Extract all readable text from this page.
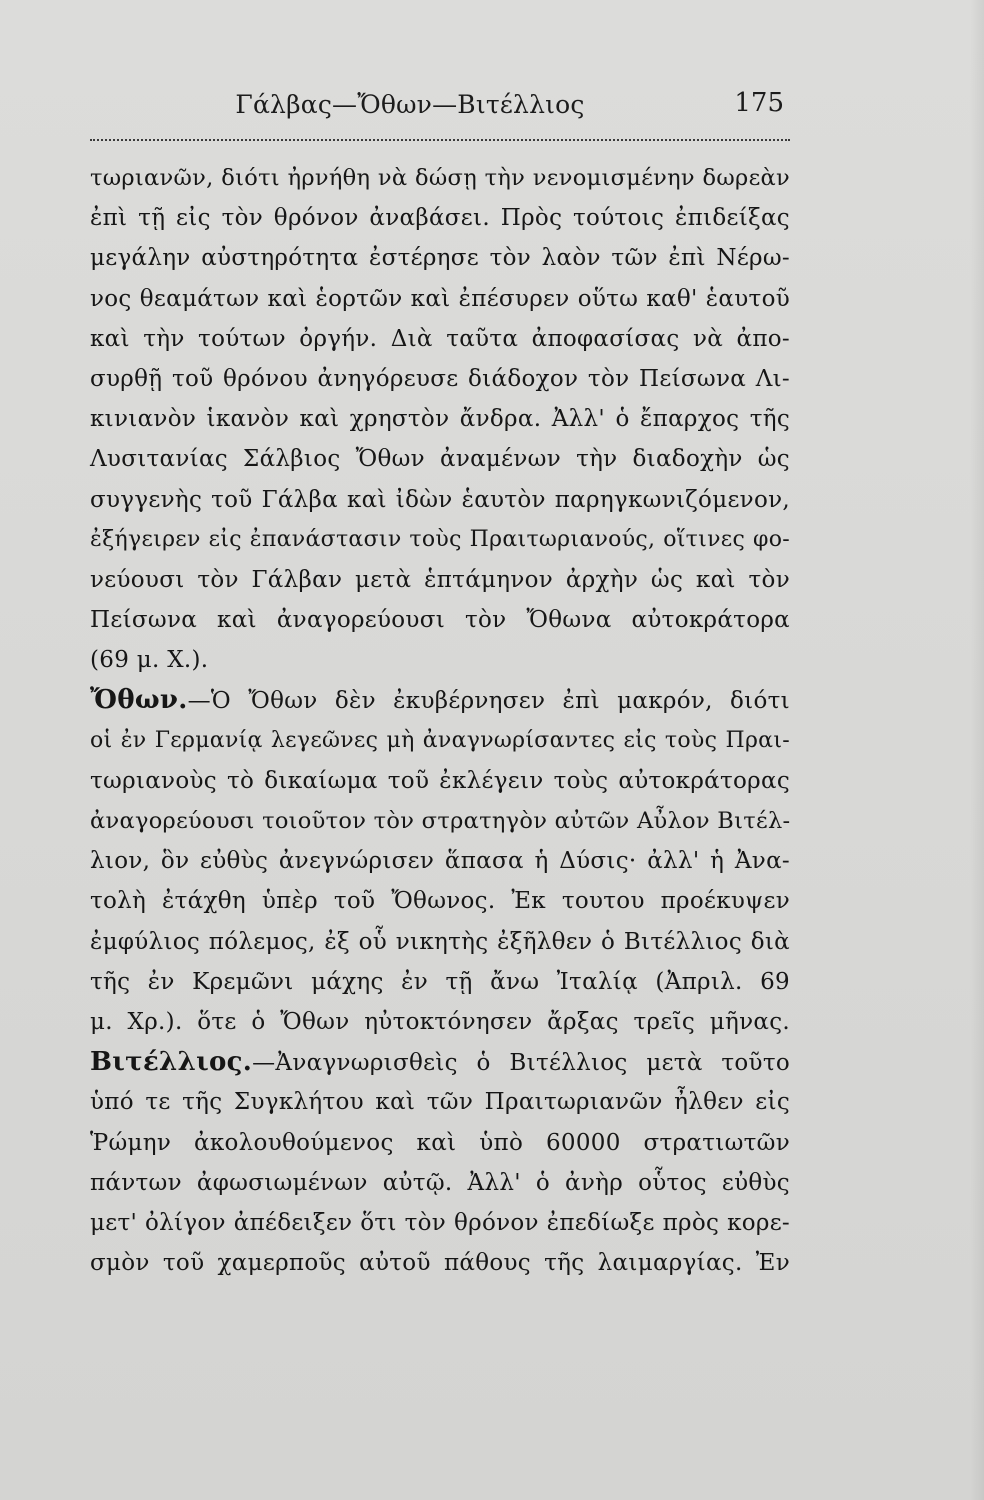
Γάλβας—Ὄθων—Βιτέλλιος	175
τωριανῶν, διότι ἠρνήθη νὰ δώσῃ τὴν νενομισμένην δωρεὰν
ἐπὶ τῇ εἰς τὸν θρόνον ἀναβάσει. Πρὸς τούτοις ἐπιδείξας
μεγάλην αὐστηρότητα ἐστέρησε τὸν λαὸν τῶν ἐπὶ Νέρω-
νος θεαμάτων καὶ ἑορτῶν καὶ ἐπέσυρεν οὕτω καθ' ἑαυτοῦ
καὶ τὴν τούτων ὀργήν. Διὰ ταῦτα ἀποφασίσας νὰ ἀπο-
συρθῇ τοῦ θρόνου ἀνηγόρευσε διάδοχον τὸν Πείσωνα Λι-
κινιανὸν ἱκανὸν καὶ χρηστὸν ἄνδρα. Ἀλλ' ὁ ἔπαρχος τῆς
Λυσιτανίας Σάλβιος Ὄθων ἀναμένων τὴν διαδοχὴν ὡς
συγγενὴς τοῦ Γάλβα καὶ ἰδὼν ἑαυτὸν παρηγκωνιζόμενον,
ἐξήγειρεν εἰς ἐπανάστασιν τοὺς Πραιτωριανούς, οἵτινες φο-
νεύουσι τὸν Γάλβαν μετὰ ἑπτάμηνον ἀρχὴν ὡς καὶ τὸν
Πείσωνα καὶ ἀναγορεύουσι τὸν Ὄθωνα αὐτοκράτορα
(69 μ. Χ.).
Ὄθων.—Ὁ Ὄθων δὲν ἐκυβέρνησεν ἐπὶ μακρόν, διότι
οἱ ἐν Γερμανίᾳ λεγεῶνες μὴ ἀναγνωρίσαντες εἰς τοὺς Πραι-
τωριανοὺς τὸ δικαίωμα τοῦ ἐκλέγειν τοὺς αὐτοκράτορας
ἀναγορεύουσι τοιοῦτον τὸν στρατηγὸν αὐτῶν Αὖλον Βιτέλ-
λιον, ὃν εὐθὺς ἀνεγνώρισεν ἅπασα ἡ Δύσις· ἀλλ' ἡ Ἀνα-
τολὴ ἐτάχθη ὑπὲρ τοῦ Ὄθωνος. Ἐκ τουτου προέκυψεν
ἐμφύλιος πόλεμος, ἐξ οὗ νικητὴς ἐξῆλθεν ὁ Βιτέλλιος διὰ
τῆς ἐν Κρεμῶνι μάχης ἐν τῇ ἄνω Ἰταλίᾳ (Ἀπριλ. 69
μ. Χρ.). ὅτε ὁ Ὄθων ηὐτοκτόνησεν ἄρξας τρεῖς μῆνας.
Βιτέλλιος.—Ἀναγνωρισθεὶς ὁ Βιτέλλιος μετὰ τοῦτο
ὑπό τε τῆς Συγκλήτου καὶ τῶν Πραιτωριανῶν ἦλθεν εἰς
Ῥώμην ἀκολουθούμενος καὶ ὑπὸ 60000 στρατιωτῶν
πάντων ἀφωσιωμένων αὐτῷ. Ἀλλ' ὁ ἀνὴρ οὗτος εὐθὺς
μετ' ὀλίγον ἀπέδειξεν ὅτι τὸν θρόνον ἐπεδίωξε πρὸς κορε-
σμὸν τοῦ χαμερποῦς αὐτοῦ πάθους τῆς λαιμαργίας. Ἐν
